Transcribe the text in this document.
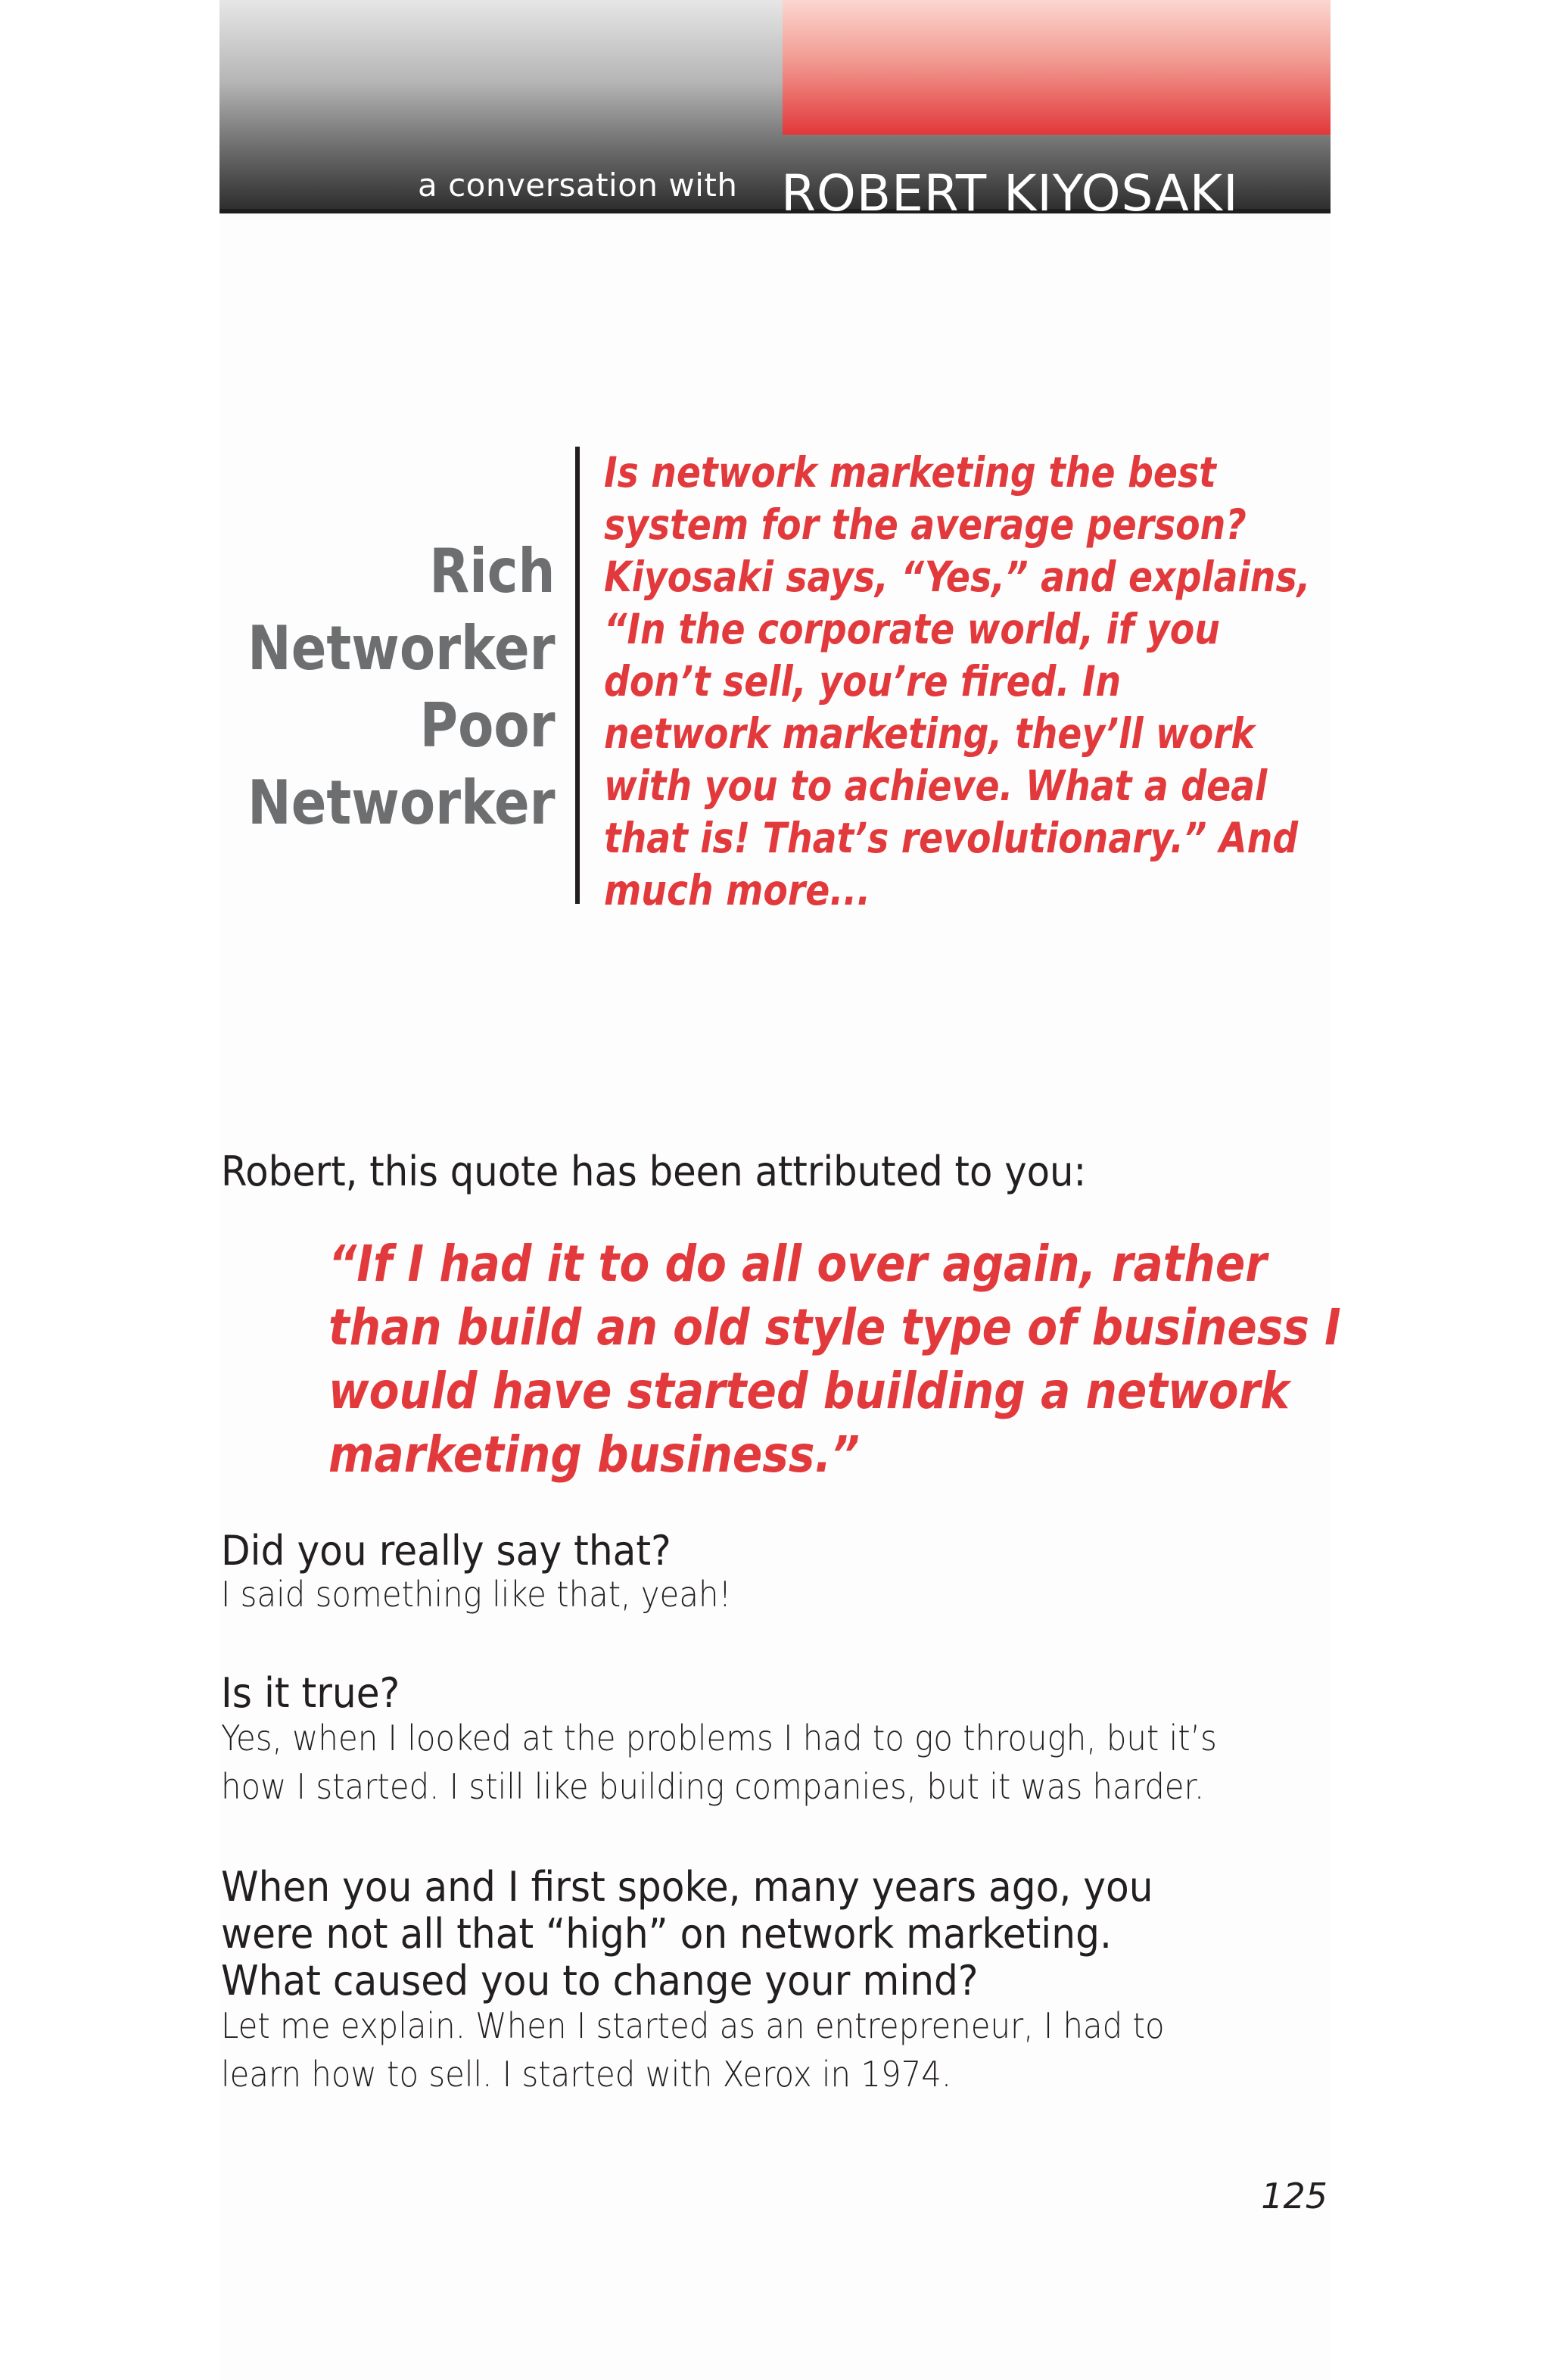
a conversation with ROBERT KIYOSAKI
Rich
Networker
Poor
Networker
Is network marketing the best
system for the average person?
Kiyosaki says, “Yes,” and explains,
“In the corporate world, if you
don’t sell, you’re fired. In
network marketing, they’ll work
with you to achieve. What a deal
that is! That’s revolutionary.” And
much more...
Robert, this quote has been attributed to you:
“If I had it to do all over again, rather
than build an old style type of business I
would have started building a network
marketing business.”
Did you really say that?
I said something like that, yeah!
Is it true?
Yes, when I looked at the problems I had to go through, but it’s
how I started. I still like building companies, but it was harder.
When you and I first spoke, many years ago, you
were not all that “high” on network marketing.
What caused you to change your mind?
Let me explain. When I started as an entrepreneur, I had to
learn how to sell. I started with Xerox in 1974.
125
